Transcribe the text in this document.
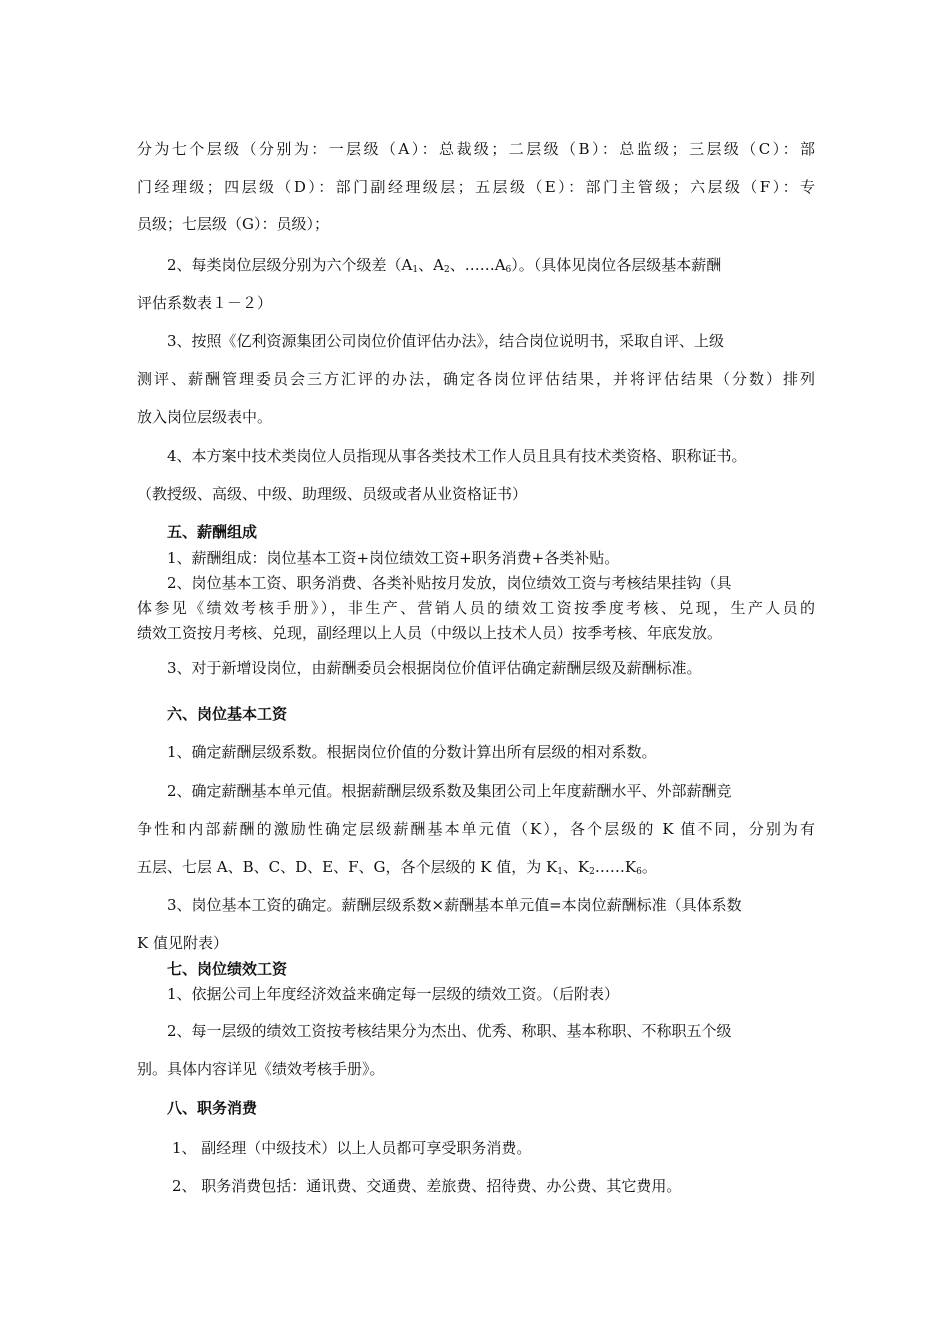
分为七个层级（分别为：一层级（A）：总裁级；二层级（B）：总监级；三层级（C）：部
门经理级；四层级（D）：部门副经理级层；五层级（E）：部门主管级；六层级（F）：专
员级；七层级（G）：员级）；
2、每类岗位层级分别为六个级差（$A_1$、$A_2$、$\dots\dots A_6$）。（具体见岗位各层级基本薪酬
评估系数表１－２）
3、按照《亿利资源集团公司岗位价值评估办法》，结合岗位说明书，采取自评、上级
测评、薪酬管理委员会三方汇评的办法，确定各岗位评估结果，并将评估结果（分数）排列
放入岗位层级表中。
4、本方案中技术类岗位人员指现从事各类技术工作人员且具有技术类资格、职称证书。
（教授级、高级、中级、助理级、员级或者从业资格证书）
五、薪酬组成
1、薪酬组成：岗位基本工资+岗位绩效工资+职务消费+各类补贴。
2、岗位基本工资、职务消费、各类补贴按月发放，岗位绩效工资与考核结果挂钩（具
体参见《绩效考核手册》），非生产、营销人员的绩效工资按季度考核、兑现，生产人员的
绩效工资按月考核、兑现，副经理以上人员（中级以上技术人员）按季考核、年底发放。
3、对于新增设岗位，由薪酬委员会根据岗位价值评估确定薪酬层级及薪酬标准。
六、岗位基本工资
1、确定薪酬层级系数。根据岗位价值的分数计算出所有层级的相对系数。
2、确定薪酬基本单元值。根据薪酬层级系数及集团公司上年度薪酬水平、外部薪酬竞
争性和内部薪酬的激励性确定层级薪酬基本单元值（K），各个层级的 K 值不同，分别为有
五层、七层 A、B、C、D、E、F、G，各个层级的 K 值，为 $K_1$、$K_2\dots\dots K_6$。
3、岗位基本工资的确定。薪酬层级系数×薪酬基本单元值=本岗位薪酬标准（具体系数
K 值见附表）
七、岗位绩效工资
1、依据公司上年度经济效益来确定每一层级的绩效工资。（后附表）
2、每一层级的绩效工资按考核结果分为杰出、优秀、称职、基本称职、不称职五个级
别。具体内容详见《绩效考核手册》。
八、职务消费
1、 副经理（中级技术）以上人员都可享受职务消费。
2、 职务消费包括：通讯费、交通费、差旅费、招待费、办公费、其它费用。
